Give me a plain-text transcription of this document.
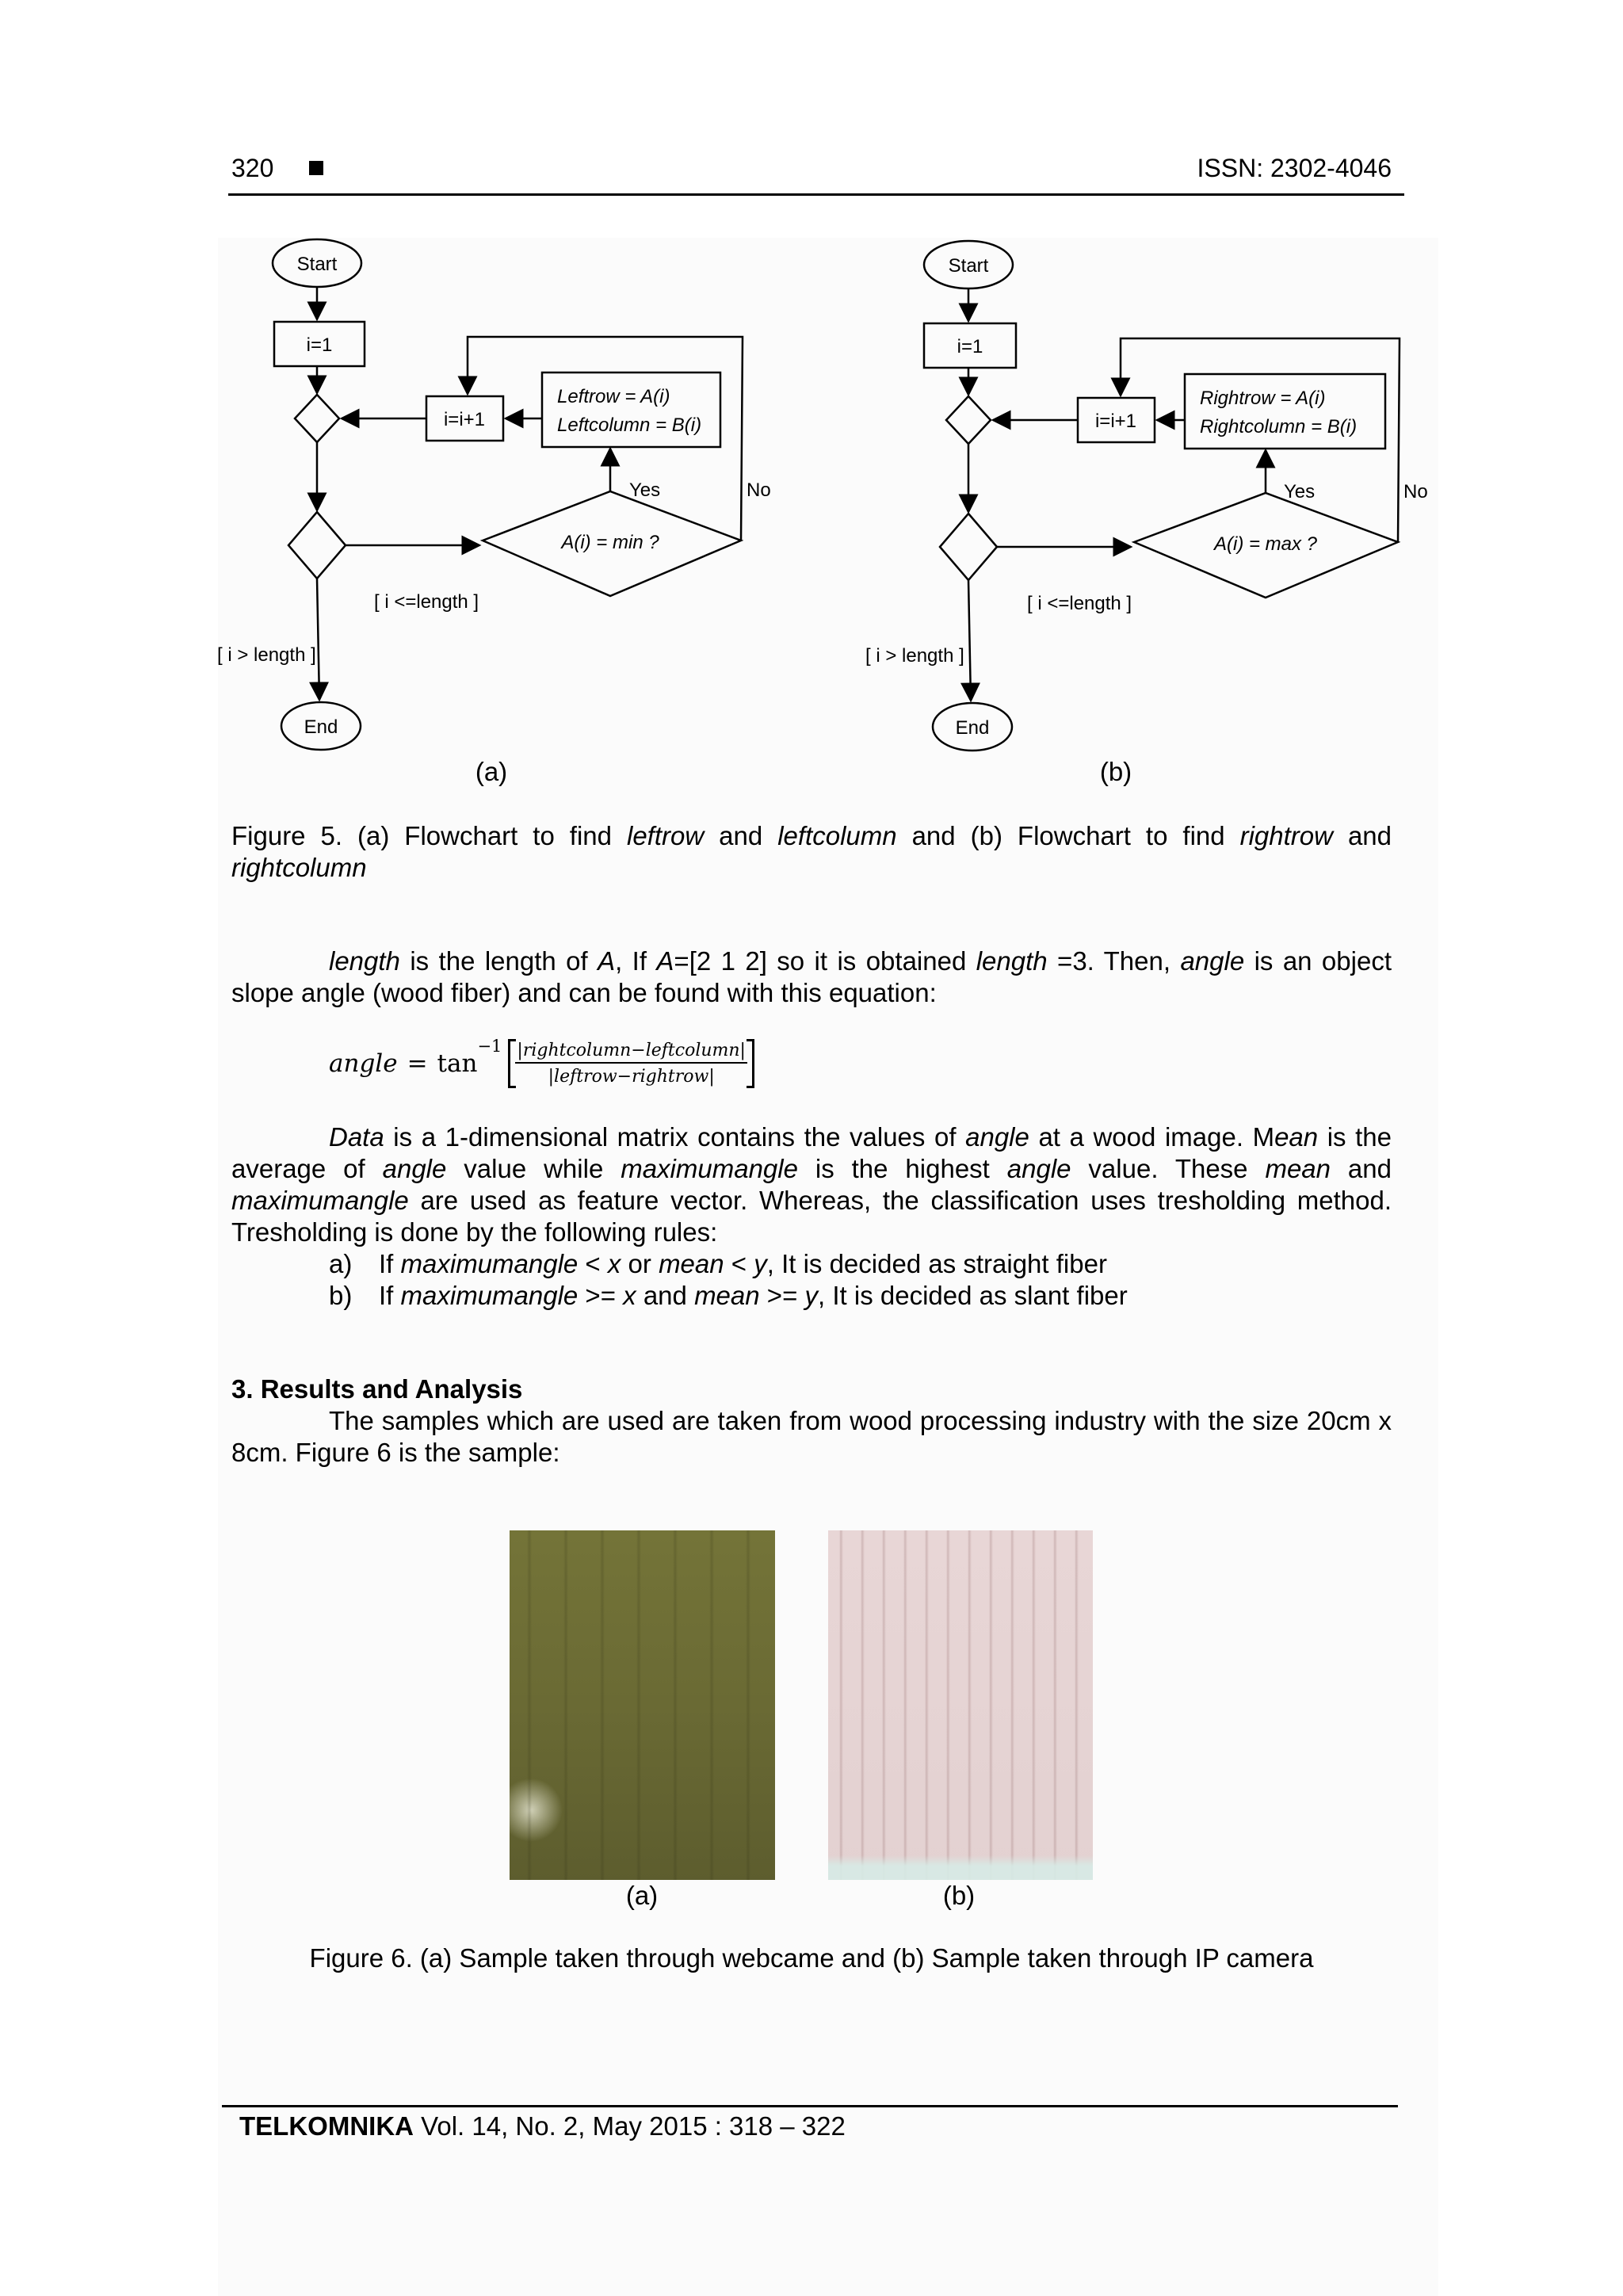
320	ISSN: 2302-4046
Start
i=1
i=i+1
Leftrow = A(i)
Leftcolumn = B(i)
A(i) = min ?
Yes	No
[ i <=length ]
[ i > length ]
End
(a)
Start
i=1
i=i+1
Rightrow = A(i)
Rightcolumn = B(i)
A(i) = max ?
Yes	No
[ i <=length ]
[ i > length ]
End
(b)
Figure 5. (a) Flowchart to find leftrow and leftcolumn and (b) Flowchart to find rightrow and rightcolumn
length is the length of A, If A=[2 1 2] so it is obtained length =3. Then, angle is an object slope angle (wood fiber) and can be found with this equation:
angle = tan
−1 |rightcolumn−leftcolumn|
|leftrow−rightrow|
Data is a 1-dimensional matrix contains the values of angle at a wood image. Mean is the average of angle value while maximumangle is the highest angle value. These mean and maximumangle are used as feature vector. Whereas, the classification uses tresholding method. Tresholding is done by the following rules:
a)	If maximumangle < x or mean < y, It is decided as straight fiber
b)	If maximumangle >= x and mean >= y, It is decided as slant fiber
3. Results and Analysis
The samples which are used are taken from wood processing industry with the size 20cm x 8cm. Figure 6 is the sample:
(a)	(b)
Figure 6. (a) Sample taken through webcame and (b) Sample taken through IP camera
TELKOMNIKA Vol. 14, No. 2, May 2015 : 318 – 322
